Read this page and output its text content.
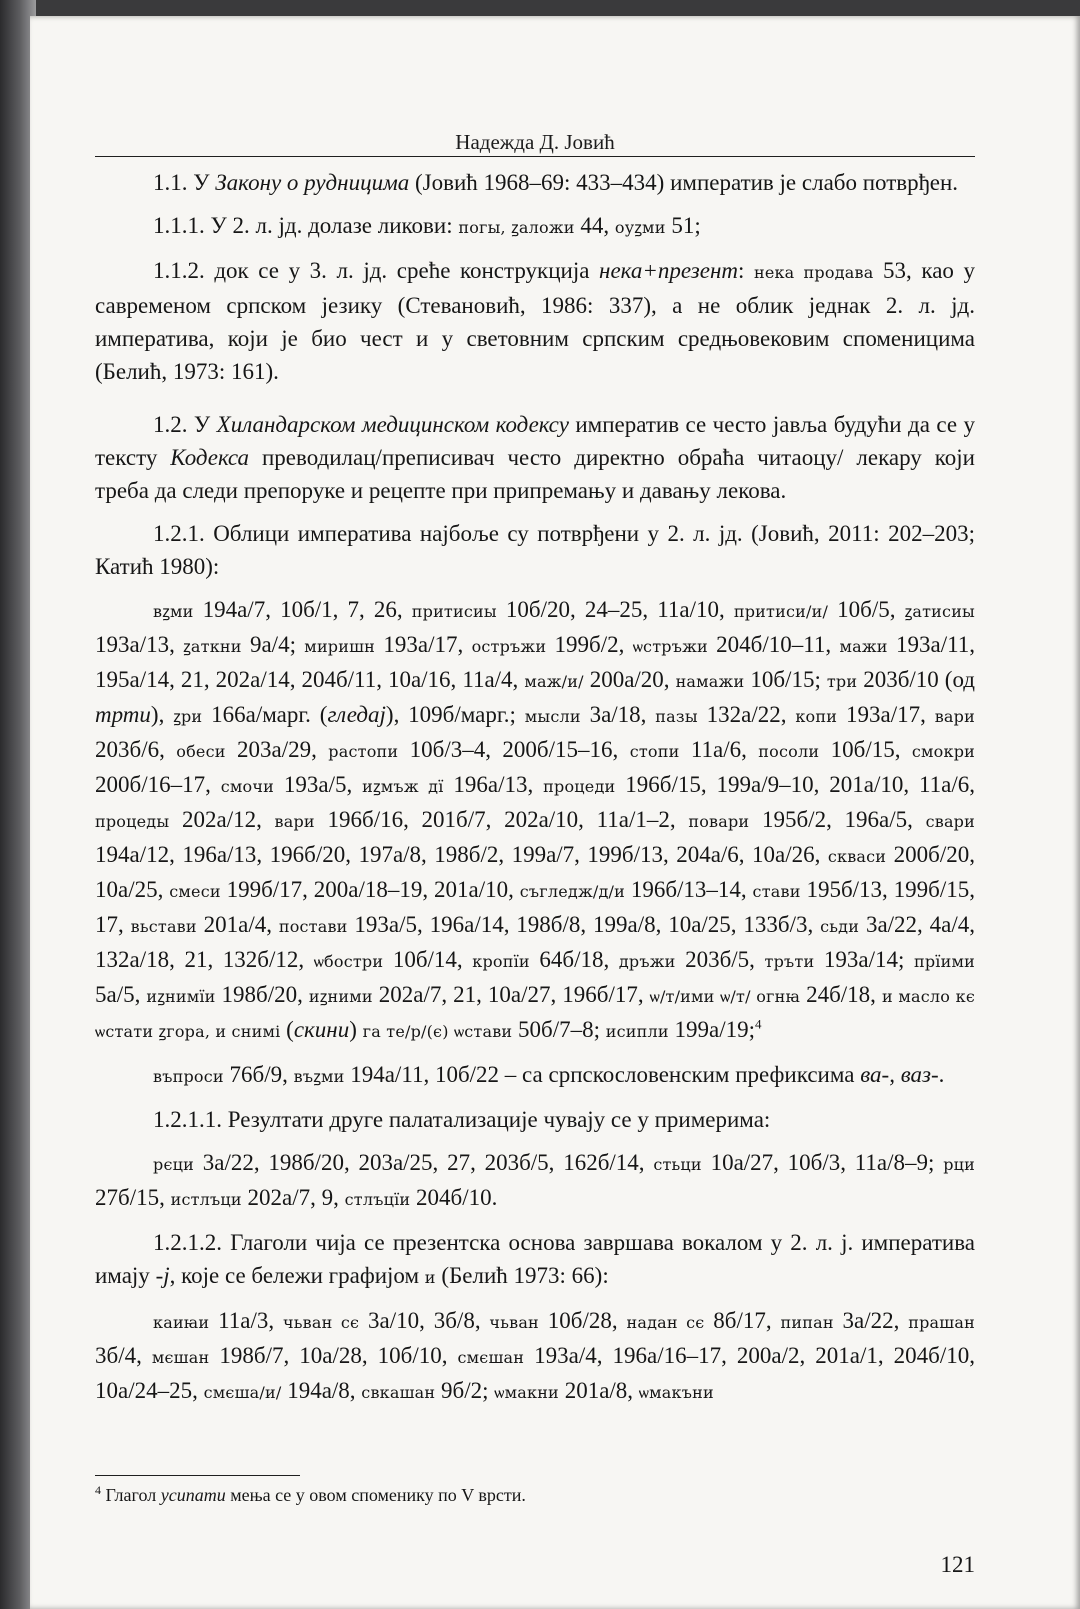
Надежда Д. Јовић

1.1. У Закону о рудницима (Јовић 1968–69: 433–434) императив је слабо потврђен.

1.1.1. У 2. л. јд. долазе ликови: погы, ꙁаложи 44, оуꙁми 51;

1.1.2. док се у 3. л. јд. среће конструкција нека+презент: нека продава 53, као у савременом српском језику (Стевановић, 1986: 337), а не облик једнак 2. л. јд. императива, који је био чест и у световним српским средњовековим споменицима (Белић, 1973: 161).

1.2. У Хиландарском медицинском кодексу императив се често јавља будући да се у тексту Кодекса преводилац/преписивач често директно обраћа читаоцу/ лекару који треба да следи препоруке и рецепте при припремању и давању лекова.

1.2.1. Облици императива најбоље су потврђени у 2. л. јд. (Јовић, 2011: 202–203; Катић 1980):

вꙁми 194а/7, 10б/1, 7, 26, притисиы 10б/20, 24–25, 11а/10, притиси/и/ 10б/5, ꙁатисиы 193а/13, ꙁаткни 9а/4; миришн 193а/17, остръжи 199б/2, ѡстръжи 204б/10–11, мажи 193а/11, 195а/14, 21, 202а/14, 204б/11, 10а/16, 11а/4, маж/и/ 200а/20, намажи 10б/15; три 203б/10 (од трти), ꙁри 166а/марг. (гледај), 109б/марг.; мысли 3а/18, пазы 132а/22, копи 193а/17, вари 203б/6, обеси 203а/29, растопи 10б/3–4, 200б/15–16, стопи 11а/6, посоли 10б/15, смокри 200б/16–17, смочи 193а/5, иꙁмъж дї 196а/13, процеди 196б/15, 199а/9–10, 201а/10, 11а/6, процеды 202а/12, вари 196б/16, 201б/7, 202а/10, 11а/1–2, повари 195б/2, 196а/5, свари 194а/12, 196а/13, 196б/20, 197а/8, 198б/2, 199а/7, 199б/13, 204а/6, 10а/26, скваси 200б/20, 10а/25, смеси 199б/17, 200а/18–19, 201а/10, съгледж/д/и 196б/13–14, стави 195б/13, 199б/15, 17, вьстави 201а/4, постави 193а/5, 196а/14, 198б/8, 199а/8, 10а/25, 133б/3, сьди 3а/22, 4а/4, 132а/18, 21, 132б/12, ѡбостри 10б/14, кропїи 64б/18, дръжи 203б/5, тръти 193а/14; прїими 5а/5, иꙁнимїи 198б/20, иꙁними 202а/7, 21, 10а/27, 196б/17, ѡ/т/ими ѡ/т/ огнꙗ 24б/18, и масло кє ѡстати ꙁгора, и снимі (скини) га те/р/(є) ѡстави 50б/7–8; исипли 199а/19;$^4$

въпроси 76б/9, въꙁми 194а/11, 10б/22 – са српскословенским префиксима ва-, ваз-.

1.2.1.1. Резултати друге палатализације чувају се у примерима:

рєци 3а/22, 198б/20, 203а/25, 27, 203б/5, 162б/14, стьци 10а/27, 10б/3, 11а/8–9; рци 27б/15, истлъци 202а/7, 9, стлъцїи 204б/10.

1.2.1.2. Глаголи чија се презентска основа завршава вокалом у 2. л. ј. императива имају -ј, које се бележи графијом и (Белић 1973: 66):

каиꙗи 11а/3, чьван сє 3а/10, 3б/8, чьван 10б/28, надан сє 8б/17, пипан 3а/22, прашан 3б/4, мєшан 198б/7, 10а/28, 10б/10, смєшан 193а/4, 196а/16–17, 200а/2, 201а/1, 204б/10, 10а/24–25, смєша/и/ 194а/8, свкашан 9б/2; ѡмакни 201а/8, ѡмакъни

$^4$ Глагол усипати мења се у овом споменику по V врсти.
121
